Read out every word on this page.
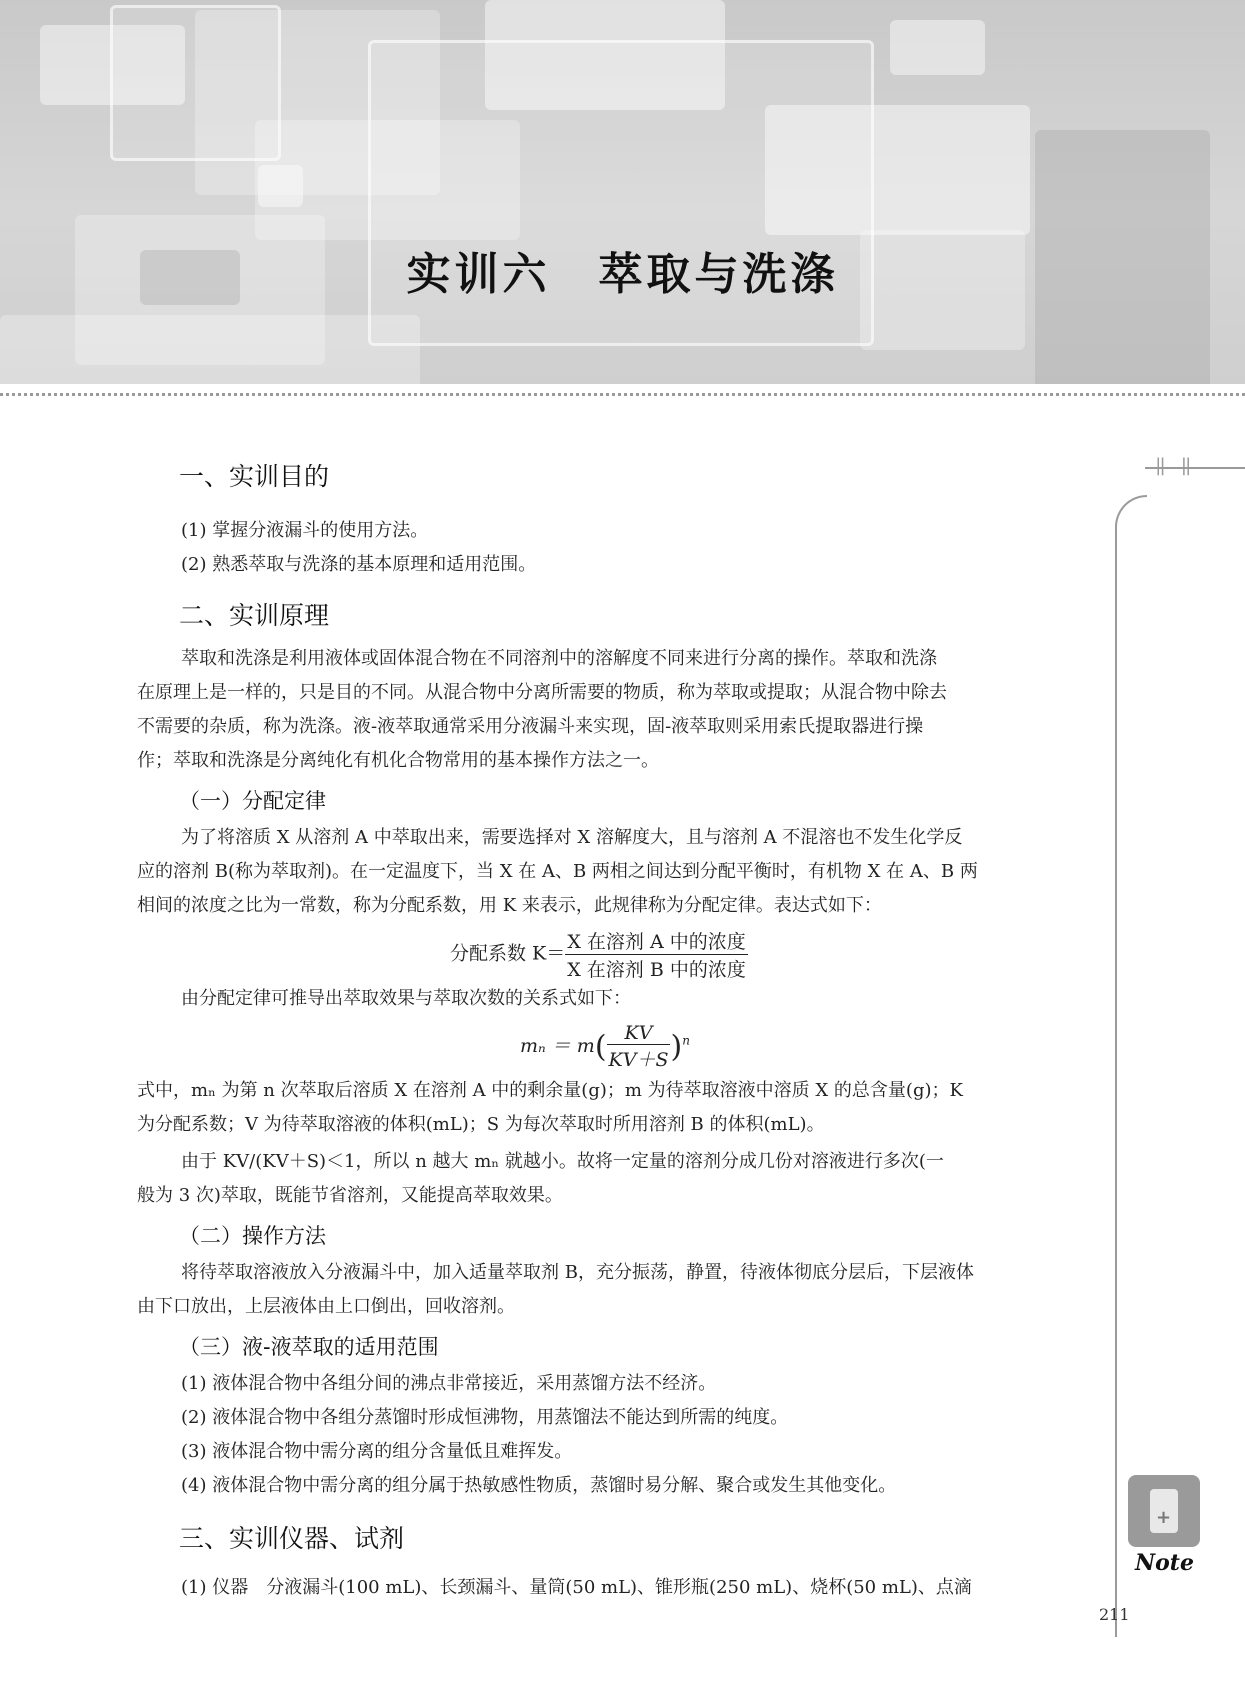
实训六　萃取与洗涤
‖ ‖
+
Note
一、实训目的
(1) 掌握分液漏斗的使用方法。
(2) 熟悉萃取与洗涤的基本原理和适用范围。
二、实训原理
萃取和洗涤是利用液体或固体混合物在不同溶剂中的溶解度不同来进行分离的操作。萃取和洗涤
在原理上是一样的，只是目的不同。从混合物中分离所需要的物质，称为萃取或提取；从混合物中除去
不需要的杂质，称为洗涤。液-液萃取通常采用分液漏斗来实现，固-液萃取则采用索氏提取器进行操
作；萃取和洗涤是分离纯化有机化合物常用的基本操作方法之一。
（一）分配定律
为了将溶质 X 从溶剂 A 中萃取出来，需要选择对 X 溶解度大，且与溶剂 A 不混溶也不发生化学反
应的溶剂 B(称为萃取剂)。在一定温度下，当 X 在 A、B 两相之间达到分配平衡时，有机物 X 在 A、B 两
相间的浓度之比为一常数，称为分配系数，用 K 来表示，此规律称为分配定律。表达式如下：
分配系数 $K= \frac{\text{X 在溶剂 A 中的浓度}}{\text{X 在溶剂 B 中的浓度}}$
由分配定律可推导出萃取效果与萃取次数的关系式如下：
$m_n = m( \frac{KV}{KV+S} )^n$
式中，mₙ 为第 n 次萃取后溶质 X 在溶剂 A 中的剩余量(g)；m 为待萃取溶液中溶质 X 的总含量(g)；K
为分配系数；V 为待萃取溶液的体积(mL)；S 为每次萃取时所用溶剂 B 的体积(mL)。
由于 KV/(KV＋S)＜1，所以 n 越大 mₙ 就越小。故将一定量的溶剂分成几份对溶液进行多次(一
般为 3 次)萃取，既能节省溶剂，又能提高萃取效果。
（二）操作方法
将待萃取溶液放入分液漏斗中，加入适量萃取剂 B，充分振荡，静置，待液体彻底分层后，下层液体
由下口放出，上层液体由上口倒出，回收溶剂。
（三）液-液萃取的适用范围
(1) 液体混合物中各组分间的沸点非常接近，采用蒸馏方法不经济。
(2) 液体混合物中各组分蒸馏时形成恒沸物，用蒸馏法不能达到所需的纯度。
(3) 液体混合物中需分离的组分含量低且难挥发。
(4) 液体混合物中需分离的组分属于热敏感性物质，蒸馏时易分解、聚合或发生其他变化。
三、实训仪器、试剂
(1) 仪器　分液漏斗(100 mL)、长颈漏斗、量筒(50 mL)、锥形瓶(250 mL)、烧杯(50 mL)、点滴
211
